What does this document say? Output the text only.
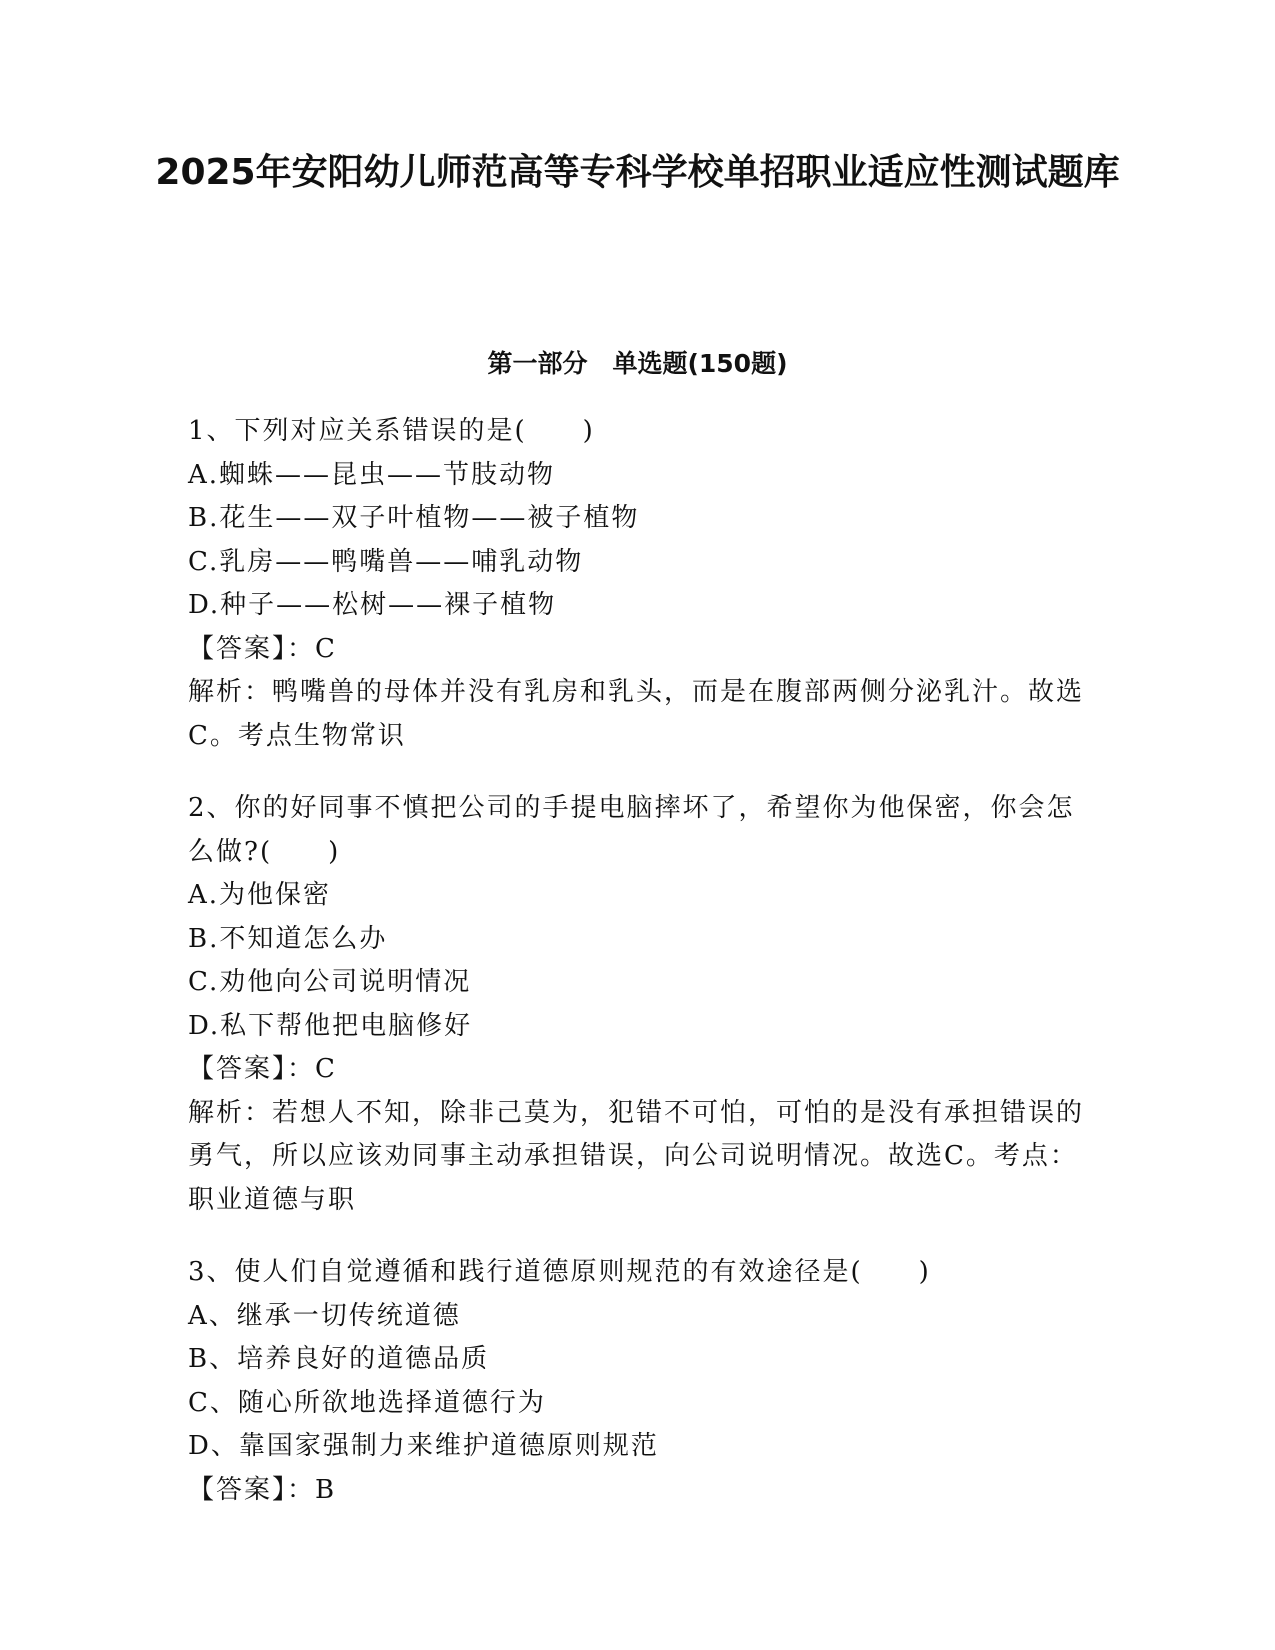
2025年安阳幼儿师范高等专科学校单招职业适应性测试题库
第一部分　单选题(150题)

1、下列对应关系错误的是(　　)

A.蜘蛛——昆虫——节肢动物

B.花生——双子叶植物——被子植物

C.乳房——鸭嘴兽——哺乳动物

D.种子——松树——裸子植物

【答案】：C

解析：鸭嘴兽的母体并没有乳房和乳头，而是在腹部两侧分泌乳汁。故选C。考点生物常识

2、你的好同事不慎把公司的手提电脑摔坏了，希望你为他保密，你会怎么做?(　　)

A.为他保密

B.不知道怎么办

C.劝他向公司说明情况

D.私下帮他把电脑修好

【答案】：C

解析：若想人不知，除非己莫为，犯错不可怕，可怕的是没有承担错误的勇气，所以应该劝同事主动承担错误，向公司说明情况。故选C。考点：职业道德与职

3、使人们自觉遵循和践行道德原则规范的有效途径是(　　)

A、继承一切传统道德

B、培养良好的道德品质

C、随心所欲地选择道德行为

D、靠国家强制力来维护道德原则规范

【答案】：B
